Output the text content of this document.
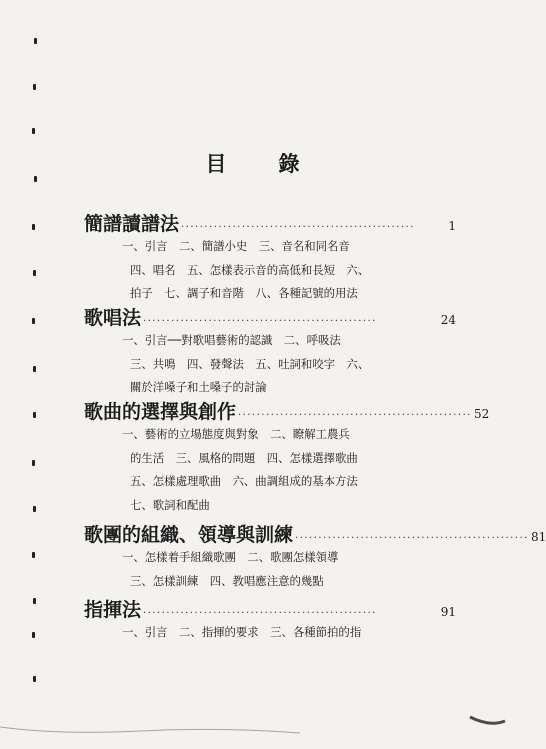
目 錄
簡譜讀譜法 ··················································	1
一、引言　二、簡譜小史　三、音名和同名音
四、唱名　五、怎樣表示音的高低和長短　六、
拍子　七、調子和音階　八、各種記號的用法
歌唱法 ··················································	24
一、引言──對歌唱藝術的認識　二、呼吸法
三、共鳴　四、發聲法　五、吐詞和咬字　六、
關於洋嗓子和土嗓子的討論
歌曲的選擇與創作 ·················································· 52
一、藝術的立場態度與對象　二、瞭解工農兵
的生活　三、風格的問題　四、怎樣選擇歌曲
五、怎樣處理歌曲　六、曲調組成的基本方法
七、歌詞和配曲
歌團的組織、領導與訓練 ·················································· 81
一、怎樣着手組織歌團　二、歌團怎樣領導
三、怎樣訓練　四、教唱應注意的幾點
指揮法 ··················································	91
一、引言　二、指揮的要求　三、各種節拍的指
